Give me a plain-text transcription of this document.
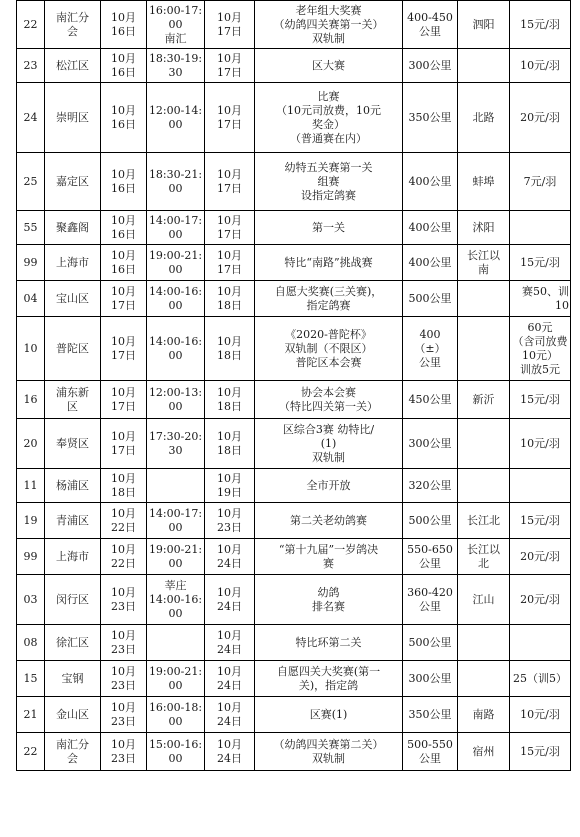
22	南汇分
会	10月
16日	16:00-17:
00
南汇	10月
17日	老年组大奖赛
（幼鸽四关赛第一关）
双轨制	400-450
公里	泗阳	15元/羽
23	松江区	10月
16日	18:30-19:
30	10月
17日	区大赛	300公里		10元/羽
24	崇明区	10月
16日	12:00-14:
00	10月
17日	比赛
（10元司放费，10元
奖金）
（普通赛在内）	350公里	北路	20元/羽
25	嘉定区	10月
16日	18:30-21:
00	10月
17日	幼特五关赛第一关
组赛
设指定鸽赛	400公里	蚌埠	7元/羽
55	聚鑫阁	10月
16日	14:00-17:
00	10月
17日	第一关	400公里	沭阳	
99	上海市	10月
16日	19:00-21:
00	10月
17日	特比“南路”挑战赛	400公里	长江以
南	15元/羽
04	宝山区	10月
17日	14:00-16:
00	10月
18日	自愿大奖赛(三关赛)，
指定鸽赛	500公里		赛50、训10
10	普陀区	10月
17日	14:00-16:
00	10月
18日	《2020-普陀杯》
双轨制（不限区）
普陀区本会赛	400（±）
公里		60元
（含司放费
10元）
训放5元
16	浦东新
区	10月
17日	12:00-13:
00	10月
18日	协会本会赛
（特比四关第一关）	450公里	新沂	15元/羽
20	奉贤区	10月
17日	17:30-20:
30	10月
18日	区综合3赛 幼特比/
(1)
双轨制	300公里		10元/羽
11	杨浦区	10月
18日		10月
19日	全市开放	320公里		
19	青浦区	10月
22日	14:00-17:
00	10月
23日	第二关老幼鸽赛	500公里	长江北	15元/羽
99	上海市	10月
22日	19:00-21:
00	10月
24日	“第十九届”一岁鸽决
赛	550-650
公里	长江以
北	20元/羽
03	闵行区	10月
23日	莘庄
14:00-16:
00	10月
24日	幼鸽
排名赛	360-420
公里	江山	20元/羽
08	徐汇区	10月
23日		10月
24日	特比环第二关	500公里		
15	宝钢	10月
23日	19:00-21:
00	10月
24日	自愿四关大奖赛(第一
关)，指定鸽	300公里		25（训5）
21	金山区	10月
23日	16:00-18:
00	10月
24日	区赛(1)	350公里	南路	10元/羽
22	南汇分
会	10月
23日	15:00-16:
00	10月
24日	（幼鸽四关赛第二关）
双轨制	500-550
公里	宿州	15元/羽
